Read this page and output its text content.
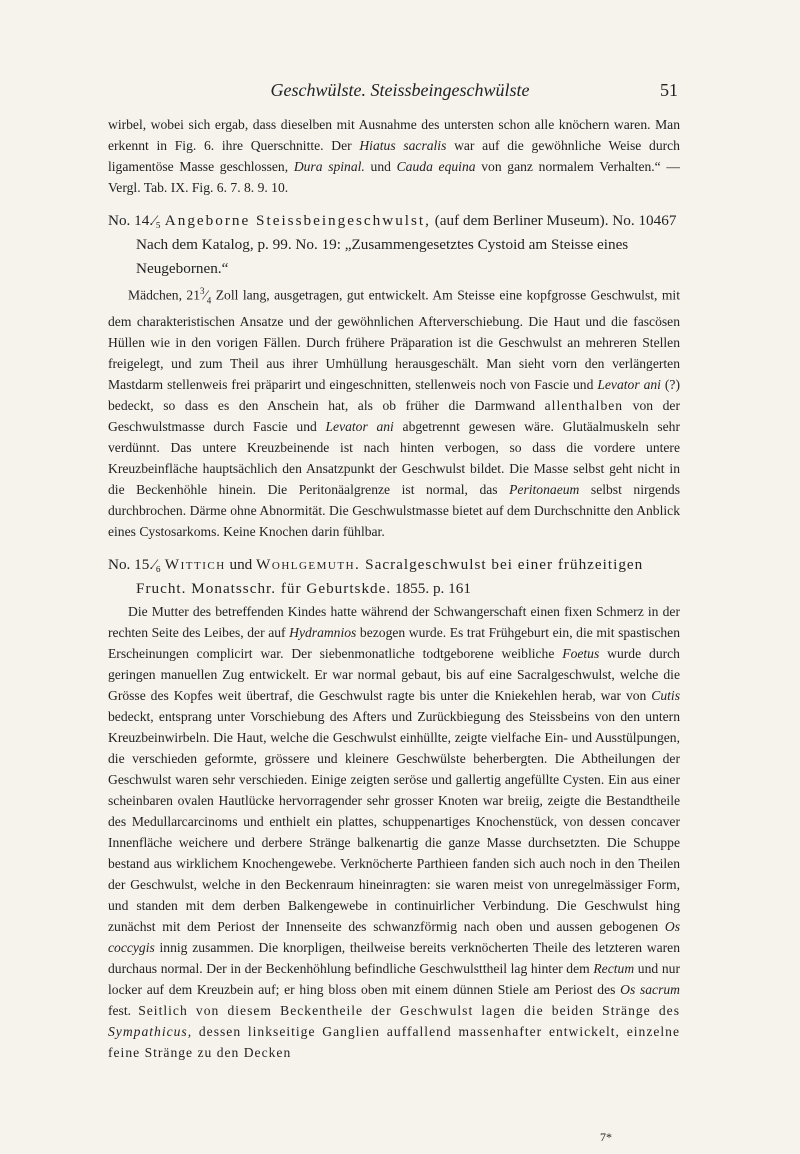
Geschwülste. Steissbeingeschwülste	51

wirbel, wobei sich ergab, dass dieselben mit Ausnahme des untersten schon alle knöchern waren. Man erkennt in Fig. 6. ihre Querschnitte. Der Hiatus sacralis war auf die gewöhnliche Weise durch ligamentöse Masse geschlossen, Dura spinal. und Cauda equina von ganz normalem Verhalten.“ — Vergl. Tab. IX. Fig. 6. 7. 8. 9. 10.

No. 14.⁄₅ Angeborne Steissbeingeschwulst, (auf dem Berliner Museum). No. 10467 Nach dem Katalog, p. 99. No. 19: „Zusammengesetztes Cystoid am Steisse eines Neugebornen.“

Mädchen, $21^3⁄_4$ Zoll lang, ausgetragen, gut entwickelt. Am Steisse eine kopfgrosse Geschwulst, mit dem charakteristischen Ansatze und der gewöhnlichen Afterverschiebung. Die Haut und die fascösen Hüllen wie in den vorigen Fällen. Durch frühere Präparation ist die Geschwulst an mehreren Stellen freigelegt, und zum Theil aus ihrer Umhüllung herausgeschält. Man sieht vorn den verlängerten Mastdarm stellenweis frei präparirt und eingeschnitten, stellenweis noch von Fascie und Levator ani (?) bedeckt, so dass es den Anschein hat, als ob früher die Darmwand allenthalben von der Geschwulstmasse durch Fascie und Levator ani abgetrennt gewesen wäre. Glutäalmuskeln sehr verdünnt. Das untere Kreuzbeinende ist nach hinten verbogen, so dass die vordere untere Kreuzbeinfläche hauptsächlich den Ansatzpunkt der Geschwulst bildet. Die Masse selbst geht nicht in die Beckenhöhle hinein. Die Peritonäalgrenze ist normal, das Peritonaeum selbst nirgends durchbrochen. Därme ohne Abnormität. Die Geschwulstmasse bietet auf dem Durchschnitte den Anblick eines Cystosarkoms. Keine Knochen darin fühlbar.

No. 15.⁄₆ Wittich und Wohlgemuth. Sacralgeschwulst bei einer frühzeitigen Frucht. Monatsschr. für Geburtskde. 1855. p. 161

Die Mutter des betreffenden Kindes hatte während der Schwangerschaft einen fixen Schmerz in der rechten Seite des Leibes, der auf Hydramnios bezogen wurde. Es trat Frühgeburt ein, die mit spastischen Erscheinungen complicirt war. Der siebenmonatliche todtgeborene weibliche Foetus wurde durch geringen manuellen Zug entwickelt. Er war normal gebaut, bis auf eine Sacralgeschwulst, welche die Grösse des Kopfes weit übertraf, die Geschwulst ragte bis unter die Kniekehlen herab, war von Cutis bedeckt, entsprang unter Vorschiebung des Afters und Zurückbiegung des Steissbeins von den untern Kreuzbeinwirbeln. Die Haut, welche die Geschwulst einhüllte, zeigte vielfache Ein- und Ausstülpungen, die verschieden geformte, grössere und kleinere Geschwülste beherbergten. Die Abtheilungen der Geschwulst waren sehr verschieden. Einige zeigten seröse und gallertig angefüllte Cysten. Ein aus einer scheinbaren ovalen Hautlücke hervorragender sehr grosser Knoten war breiig, zeigte die Bestandtheile des Medullarcarcinoms und enthielt ein plattes, schuppenartiges Knochenstück, von dessen concaver Innenfläche weichere und derbere Stränge balkenartig die ganze Masse durchsetzten. Die Schuppe bestand aus wirklichem Knochengewebe. Verknöcherte Parthieen fanden sich auch noch in den Theilen der Geschwulst, welche in den Beckenraum hineinragten: sie waren meist von unregelmässiger Form, und standen mit dem derben Balkengewebe in continuirlicher Verbindung. Die Geschwulst hing zunächst mit dem Periost der Innenseite des schwanzförmig nach oben und aussen gebogenen Os coccygis innig zusammen. Die knorpligen, theilweise bereits verknöcherten Theile des letzteren waren durchaus normal. Der in der Beckenhöhlung befindliche Geschwulsttheil lag hinter dem Rectum und nur locker auf dem Kreuzbein auf; er hing bloss oben mit einem dünnen Stiele am Periost des Os sacrum fest. Seitlich von diesem Beckentheile der Geschwulst lagen die beiden Stränge des Sympathicus, dessen linkseitige Ganglien auffallend massenhafter entwickelt, einzelne feine Stränge zu den Decken

7*
